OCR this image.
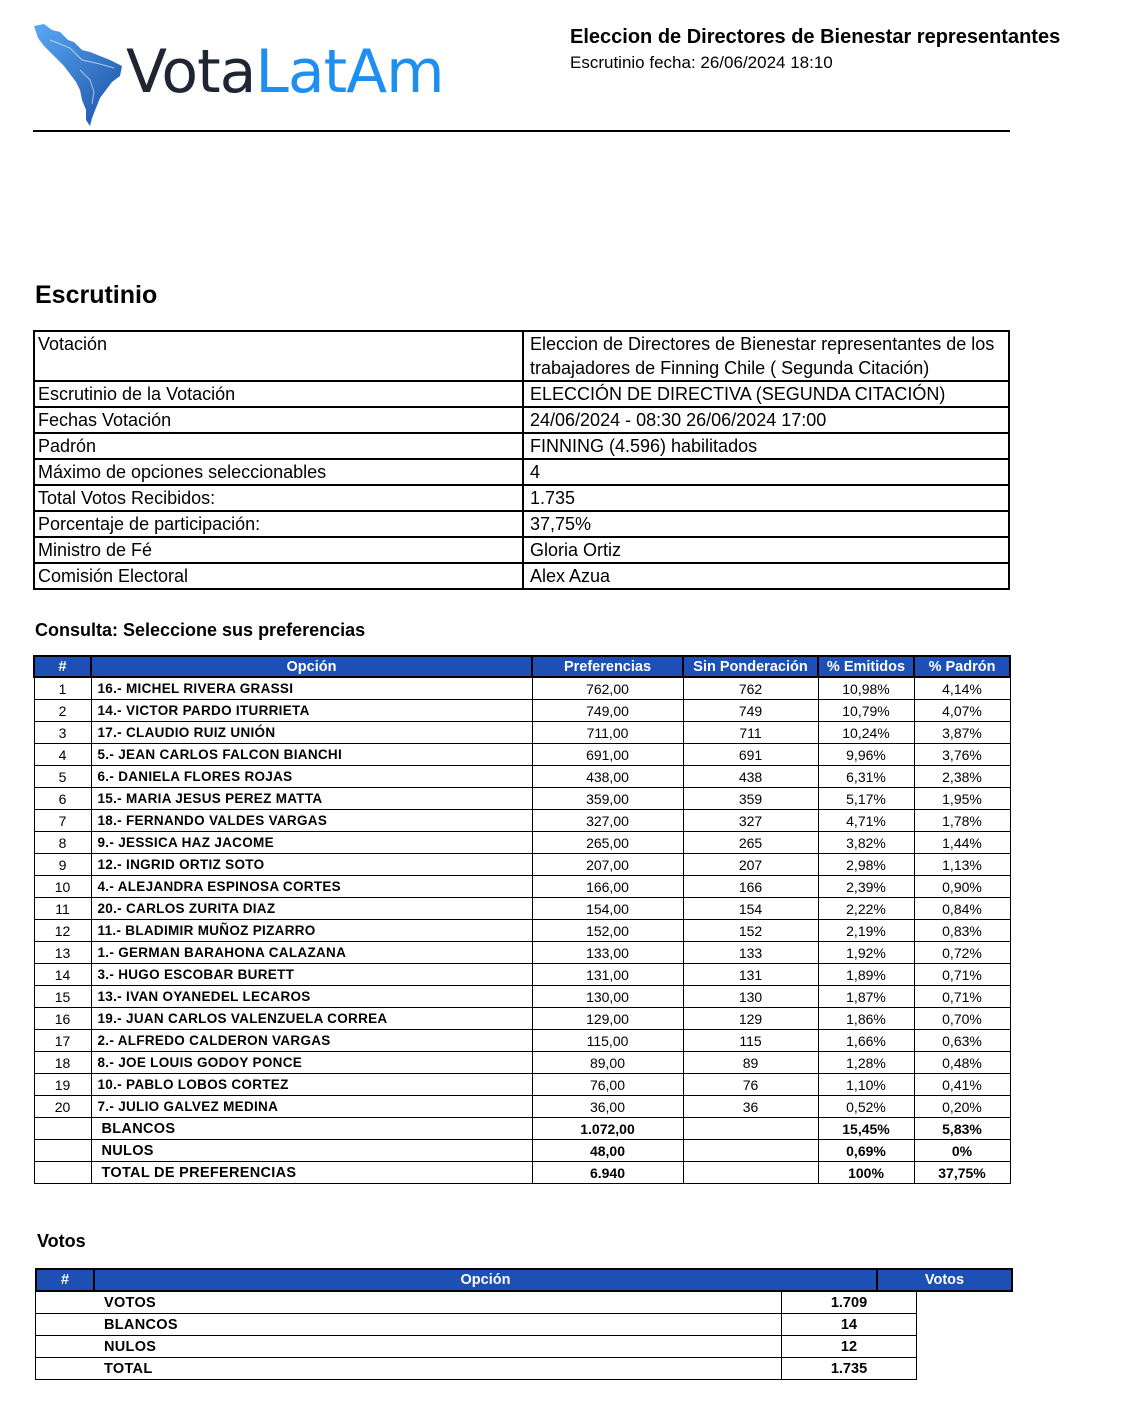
VotaLatAm	Eleccion de Directores de Bienestar representantes
Escrutinio fecha: 26/06/2024 18:10
Escrutinio
Votación	Eleccion de Directores de Bienestar representantes de los trabajadores de Finning Chile ( Segunda Citación)
Escrutinio de la Votación	ELECCIÓN DE DIRECTIVA (SEGUNDA CITACIÓN)
Fechas Votación	24/06/2024 - 08:30 26/06/2024 17:00
Padrón	FINNING (4.596) habilitados
Máximo de opciones seleccionables	4
Total Votos Recibidos:	1.735
Porcentaje de participación:	37,75%
Ministro de Fé	Gloria Ortiz
Comisión Electoral	Alex Azua
Consulta: Seleccione sus preferencias
#	Opción	Preferencias	Sin Ponderación	% Emitidos	% Padrón
1	16.- MICHEL RIVERA GRASSI	762,00	762	10,98%	4,14%
2	14.- VICTOR PARDO ITURRIETA	749,00	749	10,79%	4,07%
3	17.- CLAUDIO RUIZ UNIÓN	711,00	711	10,24%	3,87%
4	5.- JEAN CARLOS FALCON BIANCHI	691,00	691	9,96%	3,76%
5	6.- DANIELA FLORES ROJAS	438,00	438	6,31%	2,38%
6	15.- MARIA JESUS PEREZ MATTA	359,00	359	5,17%	1,95%
7	18.- FERNANDO VALDES VARGAS	327,00	327	4,71%	1,78%
8	9.- JESSICA HAZ JACOME	265,00	265	3,82%	1,44%
9	12.- INGRID ORTIZ SOTO	207,00	207	2,98%	1,13%
10	4.- ALEJANDRA ESPINOSA CORTES	166,00	166	2,39%	0,90%
11	20.- CARLOS ZURITA DIAZ	154,00	154	2,22%	0,84%
12	11.- BLADIMIR MUÑOZ PIZARRO	152,00	152	2,19%	0,83%
13	1.- GERMAN BARAHONA CALAZANA	133,00	133	1,92%	0,72%
14	3.- HUGO ESCOBAR BURETT	131,00	131	1,89%	0,71%
15	13.- IVAN OYANEDEL LECAROS	130,00	130	1,87%	0,71%
16	19.- JUAN CARLOS VALENZUELA CORREA	129,00	129	1,86%	0,70%
17	2.- ALFREDO CALDERON VARGAS	115,00	115	1,66%	0,63%
18	8.- JOE LOUIS GODOY PONCE	89,00	89	1,28%	0,48%
19	10.- PABLO LOBOS CORTEZ	76,00	76	1,10%	0,41%
20	7.- JULIO GALVEZ MEDINA	36,00	36	0,52%	0,20%
	BLANCOS	1.072,00		15,45%	5,83%
	NULOS	48,00		0,69%	0%
	TOTAL DE PREFERENCIAS	6.940		100%	37,75%
Votos
#	Opción	Votos
VOTOS	1.709
BLANCOS	14
NULOS	12
TOTAL	1.735
